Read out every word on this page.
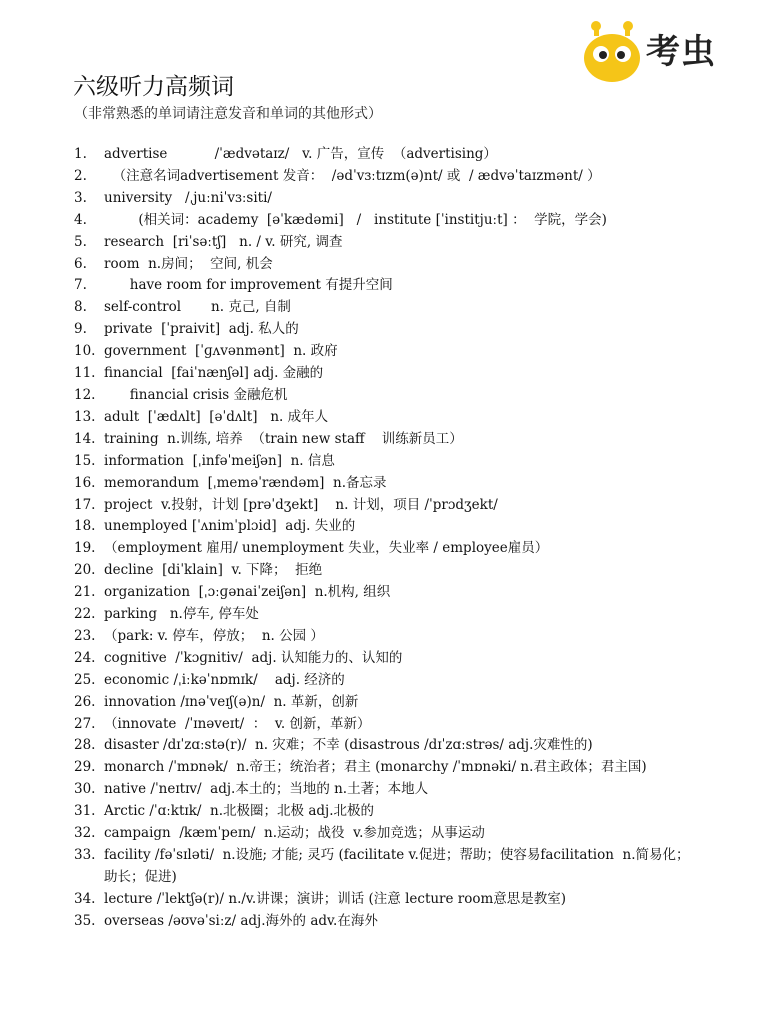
考虫
六级听力高频词
（非常熟悉的单词请注意发音和单词的其他形式）
1.	advertise           /ˈædvətaɪz/   v. 广告，宣传  （advertising）
2.	（注意名词advertisement 发音：  /ədˈvɜːtɪzm(ə)nt/ 或  / ædvəˈtaɪzmənt/ ）
3.	university   /ˌjuːniˈvɜːsiti/
4.	(相关词：academy  [əˈkædəmi]   /   institute [ˈinstitjuːt] ：  学院，学会)
5.	research  [riˈsəːtʃ]   n. / v. 研究, 调查
6.	room  n.房间；  空间, 机会
7.	have room for improvement 有提升空间
8.	self-control       n. 克己, 自制
9.	private  [ˈpraivit]  adj. 私人的
10. government  [ˈɡʌvənmənt]  n. 政府
11. financial  [faiˈnænʃəl] adj. 金融的
12. financial crisis 金融危机
13. adult  [ˈædʌlt]  [əˈdʌlt]   n. 成年人
14. training  n.训练, 培养  （train new staff    训练新员工）
15. information  [ˌinfəˈmeiʃən]  n. 信息
16. memorandum  [ˌmeməˈrændəm]  n.备忘录
17. project  v.投射，计划 [prəˈdʒekt]    n. 计划，项目 /ˈprɔdʒekt/
18. unemployed [ˈʌnimˈplɔid]  adj. 失业的
19. （employment 雇用/ unemployment 失业，失业率 / employee雇员）
20. decline  [diˈklain]  v. 下降；  拒绝
21. organization  [ˌɔːɡənaiˈzeiʃən]  n.机构, 组织
22. parking   n.停车, 停车处
23. （park: v. 停车，停放；  n. 公园 ）
24. cognitive  /ˈkɔɡnitiv/  adj. 认知能力的、认知的
25. economic /ˌiːkəˈnɒmɪk/    adj. 经济的
26. innovation /ɪnəˈveɪʃ(ə)n/  n. 革新，创新
27. （innovate  /ˈɪnəveɪt/  ：  v. 创新，革新）
28. disaster /dɪˈzɑːstə(r)/  n. 灾难；不幸 (disastrous /dɪˈzɑːstrəs/ adj.灾难性的)
29. monarch /ˈmɒnək/  n.帝王；统治者；君主 (monarchy /ˈmɒnəki/ n.君主政体；君主国)
30. native /ˈneɪtɪv/  adj.本土的；当地的 n.土著；本地人
31. Arctic /ˈɑːktɪk/  n.北极圈；北极 adj.北极的
32. campaign  /kæmˈpeɪn/  n.运动；战役  v.参加竞选；从事运动
33. facility /fəˈsɪləti/  n.设施; 才能; 灵巧 (facilitate v.促进；帮助；使容易facilitation  n.简易化；助长；促进)
34. lecture /ˈlektʃə(r)/ n./v.讲课；演讲；训话 (注意 lecture room意思是教室)
35. overseas /əʊvəˈsiːz/ adj.海外的 adv.在海外
